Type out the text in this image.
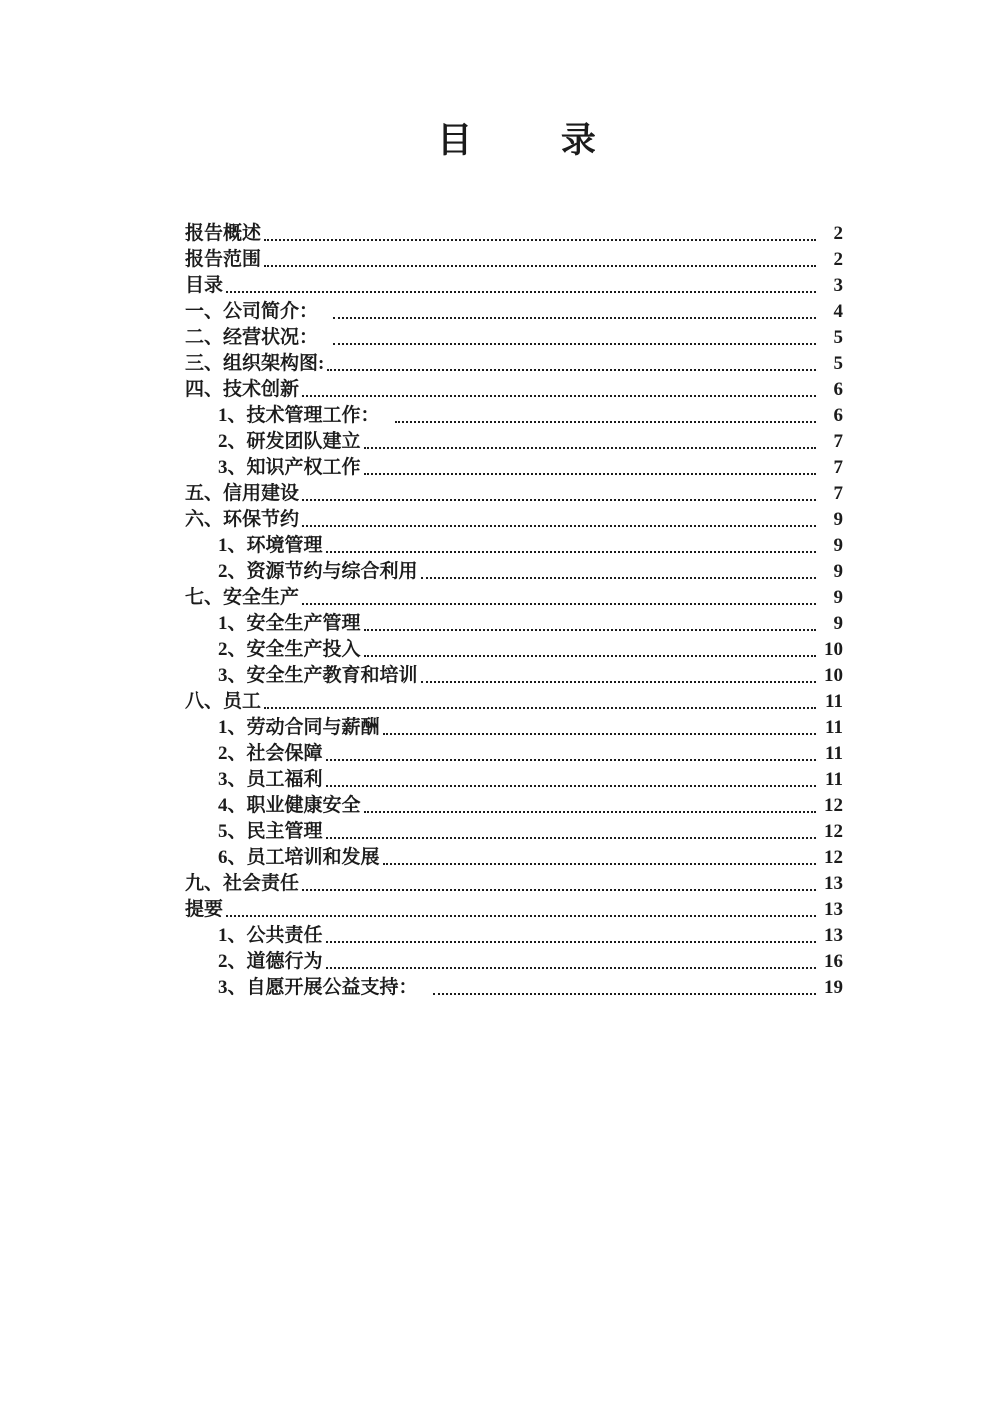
目 录
报告概述	2
报告范围	2
目录	3
一、公司简介：	4
二、经营状况：	5
三、组织架构图:	5
四、技术创新	6
1、技术管理工作：	6
2、研发团队建立	7
3、知识产权工作	7
五、信用建设	7
六、环保节约	9
1、环境管理	9
2、资源节约与综合利用	9
七、安全生产	9
1、安全生产管理	9
2、安全生产投入	10
3、安全生产教育和培训	10
八、员工	11
1、劳动合同与薪酬	11
2、社会保障	11
3、员工福利	11
4、职业健康安全	12
5、民主管理	12
6、员工培训和发展	12
九、社会责任	13
提要	13
1、公共责任	13
2、道德行为	16
3、自愿开展公益支持：	19
